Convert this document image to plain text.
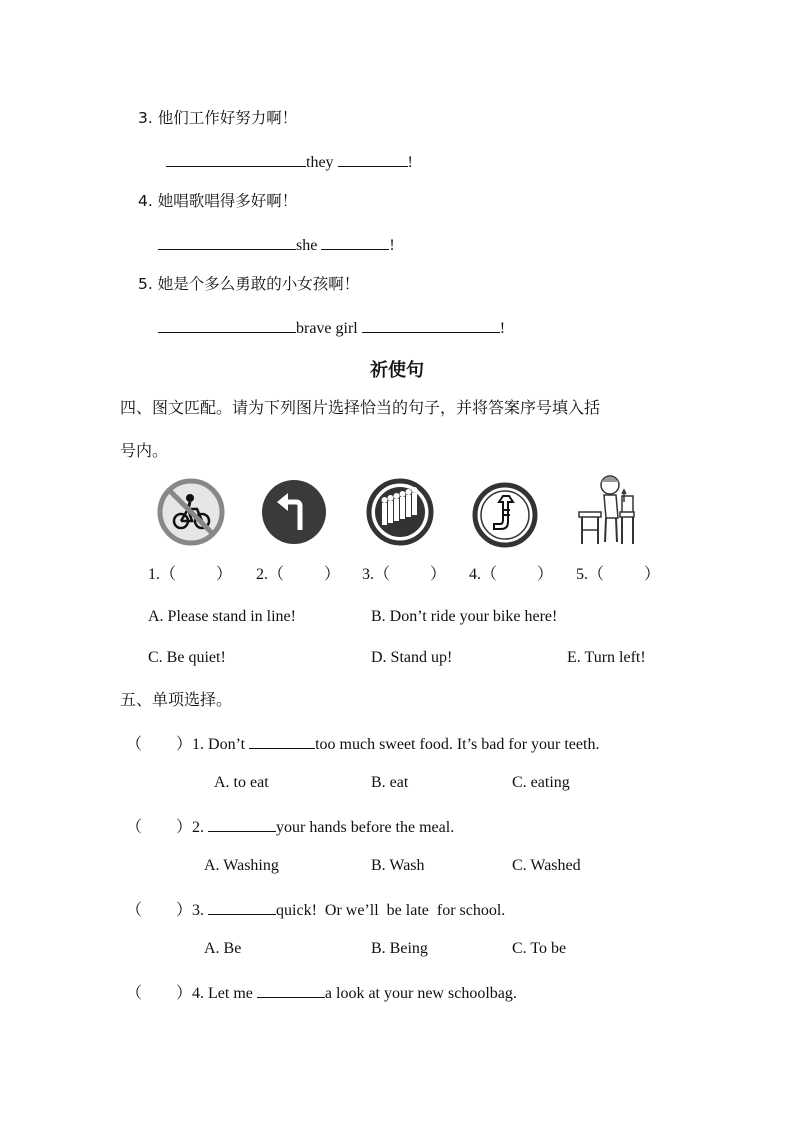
3. 他们工作好努力啊！
they	!
4. 她唱歌唱得多好啊！
she	!
5. 她是个多么勇敢的小女孩啊！
brave girl	!
祈使句
四、图文匹配。请为下列图片选择恰当的句子，并将答案序号填入括
号内。
1.（	） 2.（	） 3.（	） 4.（	） 5.（	）
A. Please stand in line!	B. Don’t ride your bike here!
C. Be quiet!	D. Stand up!	E. Turn left!
五、单项选择。
（ ）1. Don’t	too much sweet food. It’s bad for your teeth.
A. to eat	B. eat	C. eating
（ ）2.	your hands before the meal.
A. Washing	B. Wash	C. Washed
（ ）3.	quick!  Or we’ll  be late  for school.
A. Be	B. Being	C. To be
（ ）4. Let me	a look at your new schoolbag.
